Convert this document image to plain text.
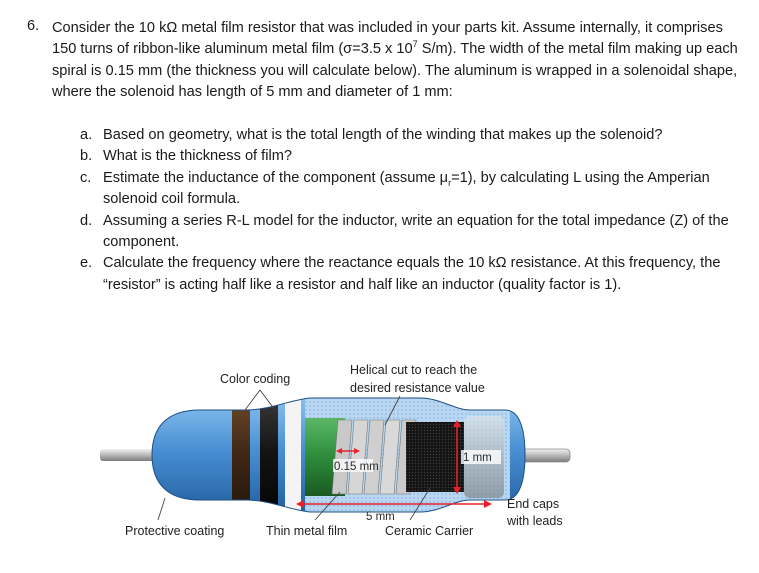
6. Consider the 10 kΩ metal film resistor that was included in your parts kit. Assume internally, it comprises 150 turns of ribbon-like aluminum metal film (σ=3.5 x $10^7$ S/m). The width of the metal film making up each spiral is 0.15 mm (the thickness you will calculate below). The aluminum is wrapped in a solenoidal shape, where the solenoid has length of 5 mm and diameter of 1 mm:
a. Based on geometry, what is the total length of the winding that makes up the solenoid?
b. What is the thickness of film?
c. Estimate the inductance of the component (assume $\mu_r=1$), by calculating L using the Amperian solenoid coil formula.
d. Assuming a series R-L model for the inductor, write an equation for the total impedance (Z) of the component.
e. Calculate the frequency where the reactance equals the 10 kΩ resistance. At this frequency, the “resistor” is acting half like a resistor and half like an inductor (quality factor is 1).
0.15 mm
1 mm
5 mm
Color coding
Helical cut to reach the
desired resistance value
Protective coating	Thin metal film	Ceramic Carrier
End caps
with leads
